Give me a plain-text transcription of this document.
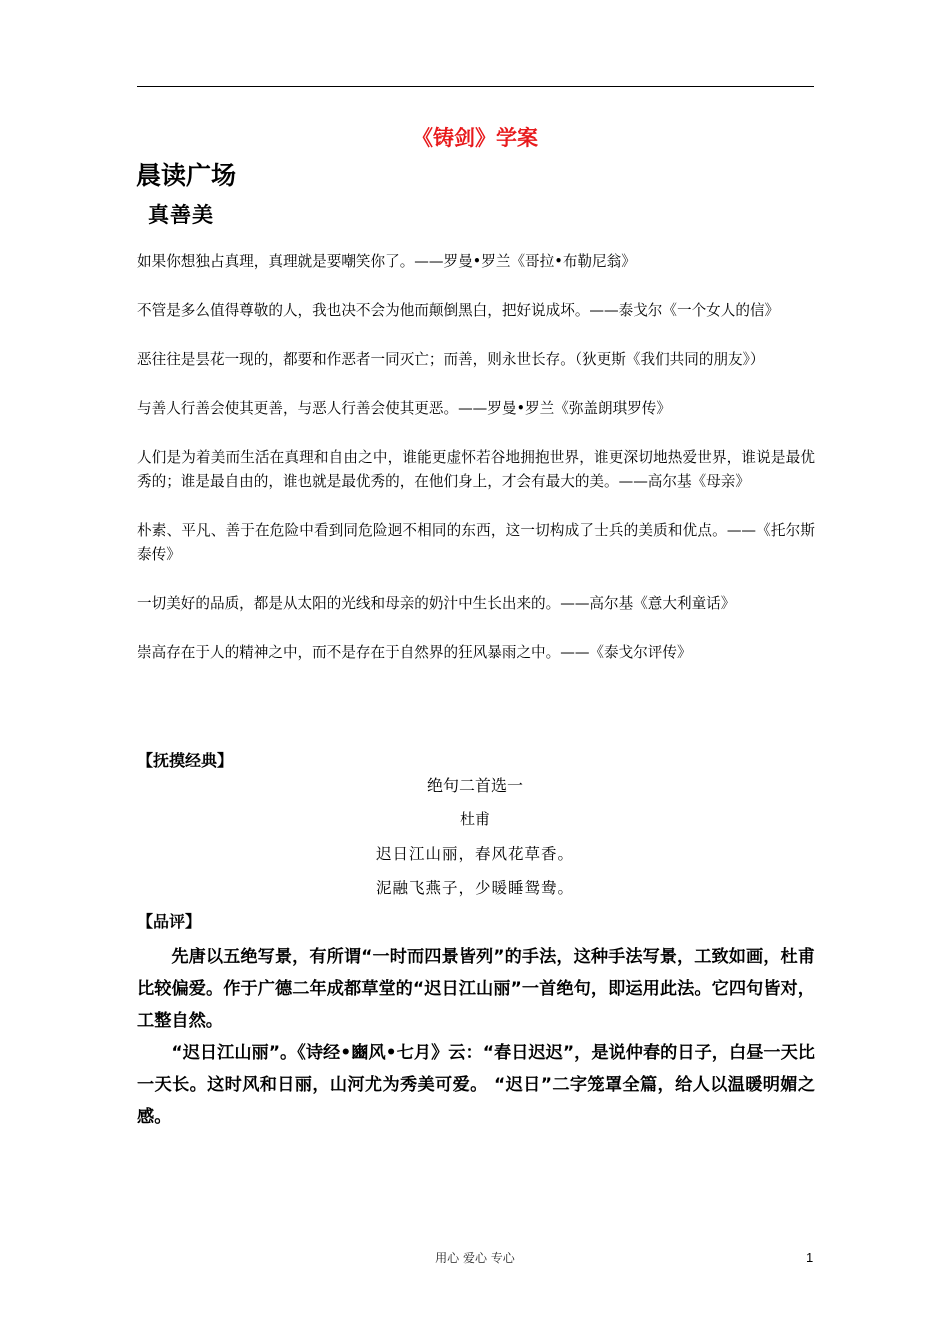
《铸剑》学案
晨读广场
真善美

如果你想独占真理，真理就是要嘲笑你了。——罗曼•罗兰《哥拉•布勒尼翁》

不管是多么值得尊敬的人，我也决不会为他而颠倒黑白，把好说成坏。——泰戈尔《一个女人的信》

恶往往是昙花一现的，都要和作恶者一同灭亡；而善，则永世长存。（狄更斯《我们共同的朋友》）

与善人行善会使其更善，与恶人行善会使其更恶。——罗曼•罗兰《弥盖朗琪罗传》

人们是为着美而生活在真理和自由之中，谁能更虚怀若谷地拥抱世界，谁更深切地热爱世界，谁说是最优秀的；谁是最自由的，谁也就是最优秀的，在他们身上，才会有最大的美。——高尔基《母亲》

朴素、平凡、善于在危险中看到同危险迥不相同的东西，这一切构成了士兵的美质和优点。——《托尔斯泰传》

一切美好的品质，都是从太阳的光线和母亲的奶汁中生长出来的。——高尔基《意大利童话》

崇高存在于人的精神之中，而不是存在于自然界的狂风暴雨之中。——《泰戈尔评传》

【抚摸经典】
绝句二首选一
杜甫
迟日江山丽，春风花草香。
泥融飞燕子，少暖睡鸳鸯。
【品评】

先唐以五绝写景，有所谓“一时而四景皆列”的手法，这种手法写景，工致如画，杜甫比较偏爱。作于广德二年成都草堂的“迟日江山丽”一首绝句，即运用此法。它四句皆对，工整自然。

“迟日江山丽”。《诗经•豳风•七月》云：“春日迟迟”，是说仲春的日子，白昼一天比一天长。这时风和日丽，山河尤为秀美可爱。 “迟日”二字笼罩全篇，给人以温暖明媚之感。

用心 爱心 专心	1
